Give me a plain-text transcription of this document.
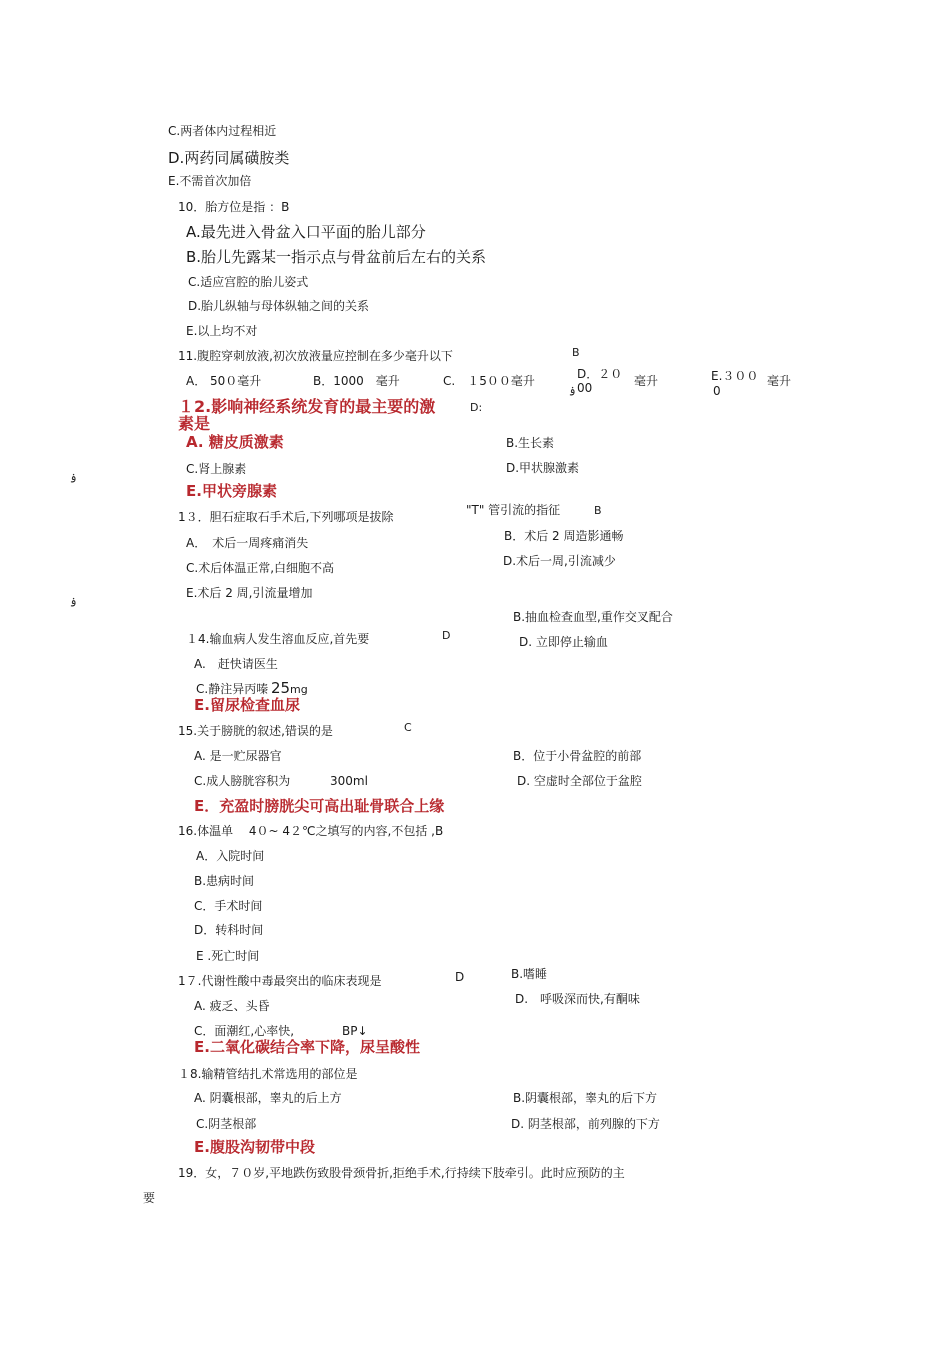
C.两者体内过程相近
D.两药同属磺胺类
E.不需首次加倍
10．胎方位是指 ：B
A.最先进入骨盆入口平面的胎儿部分
B.胎儿先露某一指示点与骨盆前后左右的关系
C.适应宫腔的胎儿姿式
D.胎儿纵轴与母体纵轴之间的关系
E.以上均不对
11.腹腔穿刺放液,初次放液量应控制在多少毫升以下	B
A． 50０毫升	B．1000　毫升	C.　１5００毫升	D．２０
00
ۏ
毫升	E.３００
0
毫升
１2.影响神经系统发育的最主要的激
素是
D:
A. 糖皮质激素	B.生长素
C.肾上腺素	D.甲状腺激素
ۏ
E.甲状旁腺素
1３．胆石症取石手术后,下列哪项是拔除	"T" 管引流的指征	B
A．　术后一周疼痛消失	B．术后 2 周造影通畅
C.术后体温正常,白细胞不高	D.术后一周,引流减少
ۏ
E.术后 2 周,引流量增加
B.抽血检查血型,重作交叉配合
１4.输血病人发生溶血反应,首先要	D
A.　赶快请医生
D. 立即停止输血
C.静注异丙嗪 25 mg
E.留尿检查血尿
15.关于膀胱的叙述,错误的是	C
A. 是一贮尿器官	B．位于小骨盆腔的前部
C.成人膀胱容积为	300ml	D. 空虚时全部位于盆腔
E．充盈时膀胱尖可高出耻骨联合上缘
16.体温单　 4０~ 4２℃之填写的内容,不包括 ,B
A．入院时间
B.患病时间
C．手术时间
D．转科时间
E .死亡时间
B.嗜睡
1７.代谢性酸中毒最突出的临床表现是	D
D.　呼吸深而快,有酮味
A. 疲乏、头昏
C．面潮红,心率快,	BP↓
E.二氧化碳结合率下降，尿呈酸性
１8.输精管结扎术常选用的部位是
A. 阴囊根部，睾丸的后上方	B.阴囊根部，睾丸的后下方
C.阴茎根部	D. 阴茎根部，前列腺的下方
E.腹股沟韧带中段
19．女，７０岁,平地跌伤致股骨颈骨折,拒绝手术,行持续下肢牵引。此时应预防的主
要
